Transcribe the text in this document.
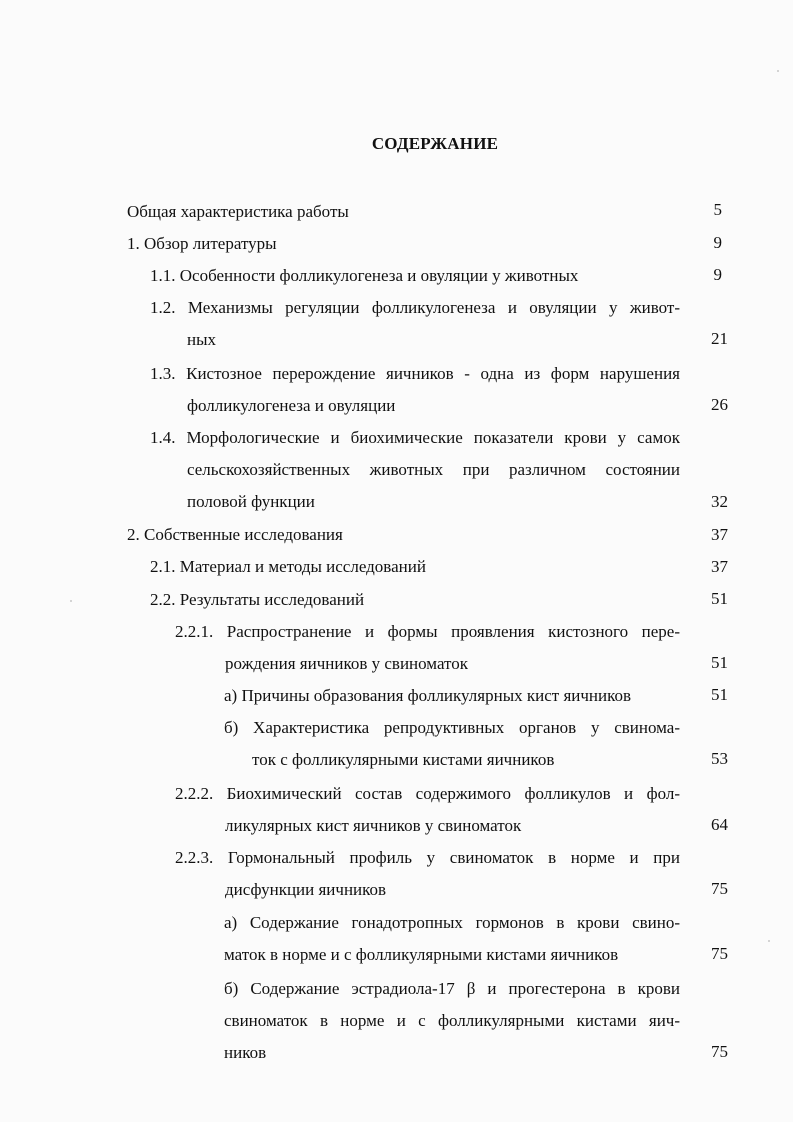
СОДЕРЖАНИЕ
Общая характеристика работы	5
1. Обзор литературы	9
1.1. Особенности фолликулогенеза и овуляции у животных	9
1.2. Механизмы регуляции фолликулогенеза и овуляции у живот-
ных	21
1.3. Кистозное перерождение яичников - одна из форм нарушения
фолликулогенеза и овуляции	26
1.4. Морфологические и биохимические показатели крови у самок
сельскохозяйственных животных при различном состоянии
половой функции	32
2. Собственные исследования	37
2.1. Материал и методы исследований	37
2.2. Результаты исследований	51
2.2.1. Распространение и формы проявления кистозного пере-
рождения яичников у свиноматок	51
а) Причины образования фолликулярных кист яичников	51
б) Характеристика репродуктивных органов у свинома-
ток с фолликулярными кистами яичников	53
2.2.2. Биохимический состав содержимого фолликулов и фол-
ликулярных кист яичников у свиноматок	64
2.2.3. Гормональный профиль у свиноматок в норме и при
дисфункции яичников	75
а) Содержание гонадотропных гормонов в крови свино-
маток в норме и с фолликулярными кистами яичников	75
б) Содержание эстрадиола-17 β и прогестерона в крови
свиноматок в норме и с фолликулярными кистами яич-
ников	75
